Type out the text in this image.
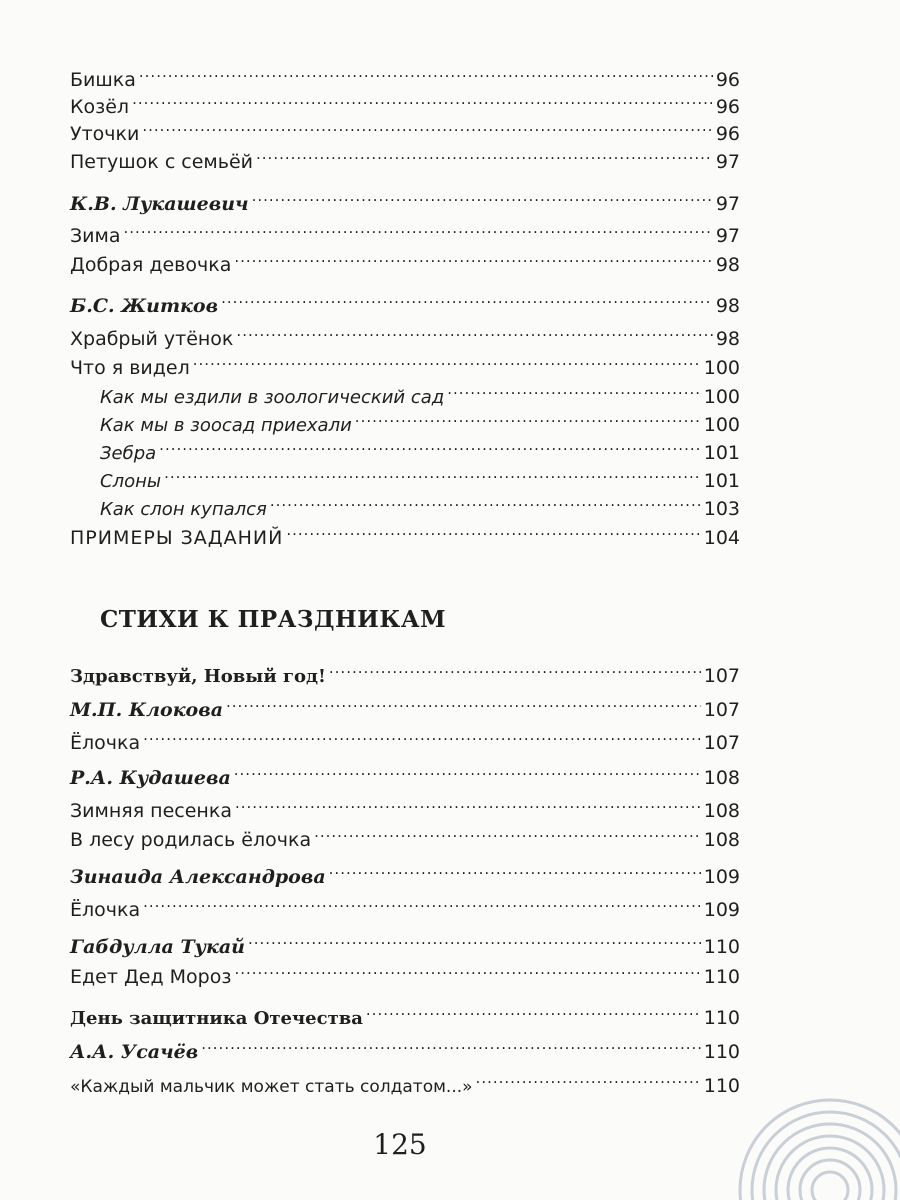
Бишка .....	96
Козёл .....	96
Уточки .....	96
Петушок с семьёй .....	97
К.В. Лукашевич .....	97
Зима .....	97
Добрая девочка .....	98
Б.С. Житков .....	98
Храбрый утёнок .....	98
Что я видел .....	100
Как мы ездили в зоологический сад .....	100
Как мы в зоосад приехали .....	100
Зебра .....	101
Слоны .....	101
Как слон купался .....	103
ПРИМЕРЫ ЗАДАНИЙ .....	104
Здравствуй, Новый год! .....	107
М.П. Клокова .....	107
Ёлочка .....	107
Р.А. Кудашева .....	108
Зимняя песенка .....	108
В лесу родилась ёлочка .....	108
Зинаида Александрова .....	109
Ёлочка .....	109
Габдулла Тукай .....	110
Едет Дед Мороз .....	110
День защитника Отечества .....	110
А.А. Усачёв .....	110
«Каждый мальчик может стать солдатом...» .....	110
СТИХИ К ПРАЗДНИКАМ
125
